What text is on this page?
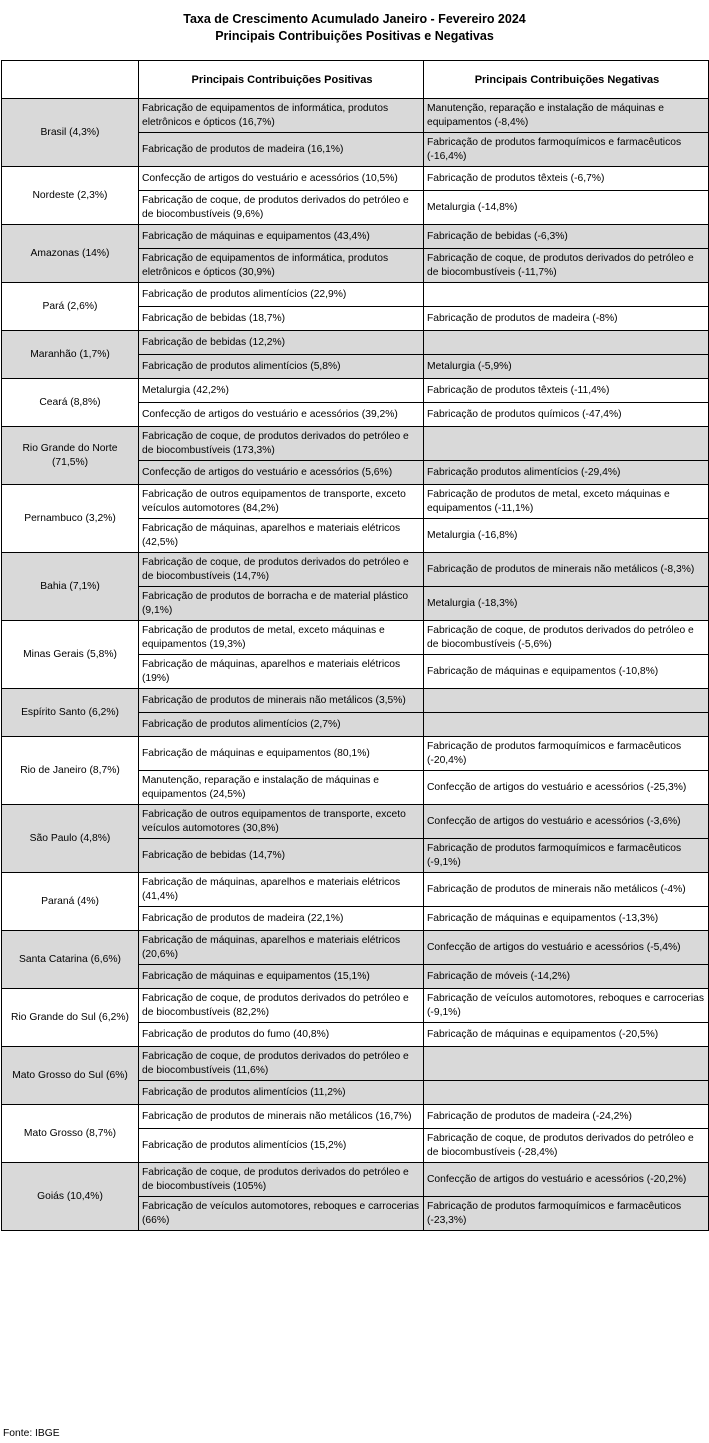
Taxa de Crescimento Acumulado Janeiro - Fevereiro 2024
Principais Contribuições Positivas e Negativas
	Principais Contribuições Positivas	Principais Contribuições Negativas
Brasil (4,3%)	Fabricação de equipamentos de informática, produtos eletrônicos e ópticos (16,7%)	Manutenção, reparação e instalação de máquinas e equipamentos (-8,4%)
	Fabricação de produtos de madeira (16,1%)	Fabricação de produtos farmoquímicos e farmacêuticos (-16,4%)
Nordeste (2,3%)	Confecção de artigos do vestuário e acessórios (10,5%)	Fabricação de produtos têxteis (-6,7%)
	Fabricação de coque, de produtos derivados do petróleo e de biocombustíveis (9,6%)	Metalurgia (-14,8%)
Amazonas (14%)	Fabricação de máquinas e equipamentos (43,4%)	Fabricação de bebidas (-6,3%)
	Fabricação de equipamentos de informática, produtos eletrônicos e ópticos (30,9%)	Fabricação de coque, de produtos derivados do petróleo e de biocombustíveis (-11,7%)
Pará (2,6%)	Fabricação de produtos alimentícios (22,9%)	
	Fabricação de bebidas (18,7%)	Fabricação de produtos de madeira (-8%)
Maranhão (1,7%)	Fabricação de bebidas (12,2%)	
	Fabricação de produtos alimentícios (5,8%)	Metalurgia (-5,9%)
Ceará (8,8%)	Metalurgia (42,2%)	Fabricação de produtos têxteis (-11,4%)
	Confecção de artigos do vestuário e acessórios (39,2%)	Fabricação de produtos químicos (-47,4%)
Rio Grande do Norte (71,5%)	Fabricação de coque, de produtos derivados do petróleo e de biocombustíveis (173,3%)	
	Confecção de artigos do vestuário e acessórios (5,6%)	Fabricação produtos alimentícios (-29,4%)
Pernambuco (3,2%)	Fabricação de outros equipamentos de transporte, exceto veículos automotores (84,2%)	Fabricação de produtos de metal, exceto máquinas e equipamentos (-11,1%)
	Fabricação de máquinas, aparelhos e materiais elétricos (42,5%)	Metalurgia (-16,8%)
Bahia (7,1%)	Fabricação de coque, de produtos derivados do petróleo e de biocombustíveis (14,7%)	Fabricação de produtos de minerais não metálicos (-8,3%)
	Fabricação de produtos de borracha e de material plástico (9,1%)	Metalurgia (-18,3%)
Minas Gerais (5,8%)	Fabricação de produtos de metal, exceto máquinas e equipamentos (19,3%)	Fabricação de coque, de produtos derivados do petróleo e de biocombustíveis (-5,6%)
	Fabricação de máquinas, aparelhos e materiais elétricos (19%)	Fabricação de máquinas e equipamentos (-10,8%)
Espírito Santo (6,2%)	Fabricação de produtos de minerais não metálicos (3,5%)	
	Fabricação de produtos alimentícios (2,7%)	
Rio de Janeiro (8,7%)	Fabricação de máquinas e equipamentos (80,1%)	Fabricação de produtos farmoquímicos e farmacêuticos (-20,4%)
	Manutenção, reparação e instalação de máquinas e equipamentos (24,5%)	Confecção de artigos do vestuário e acessórios (-25,3%)
São Paulo (4,8%)	Fabricação de outros equipamentos de transporte, exceto veículos automotores (30,8%)	Confecção de artigos do vestuário e acessórios (-3,6%)
	Fabricação de bebidas (14,7%)	Fabricação de produtos farmoquímicos e farmacêuticos (-9,1%)
Paraná (4%)	Fabricação de máquinas, aparelhos e materiais elétricos (41,4%)	Fabricação de produtos de minerais não metálicos (-4%)
	Fabricação de produtos de madeira (22,1%)	Fabricação de máquinas e equipamentos (-13,3%)
Santa Catarina (6,6%)	Fabricação de máquinas, aparelhos e materiais elétricos (20,6%)	Confecção de artigos do vestuário e acessórios (-5,4%)
	Fabricação de máquinas e equipamentos (15,1%)	Fabricação de móveis (-14,2%)
Rio Grande do Sul (6,2%)	Fabricação de coque, de produtos derivados do petróleo e de biocombustíveis (82,2%)	Fabricação de veículos automotores, reboques e carrocerias (-9,1%)
	Fabricação de produtos do fumo (40,8%)	Fabricação de máquinas e equipamentos (-20,5%)
Mato Grosso do Sul (6%)	Fabricação de coque, de produtos derivados do petróleo e de biocombustíveis (11,6%)	
	Fabricação de produtos alimentícios (11,2%)	
Mato Grosso (8,7%)	Fabricação de produtos de minerais não metálicos (16,7%)	Fabricação de produtos de madeira (-24,2%)
	Fabricação de produtos alimentícios (15,2%)	Fabricação de coque, de produtos derivados do petróleo e de biocombustíveis (-28,4%)
Goiás (10,4%)	Fabricação de coque, de produtos derivados do petróleo e de biocombustíveis (105%)	Confecção de artigos do vestuário e acessórios (-20,2%)
	Fabricação de veículos automotores, reboques e carrocerias (66%)	Fabricação de produtos farmoquímicos e farmacêuticos (-23,3%)
Fonte: IBGE
